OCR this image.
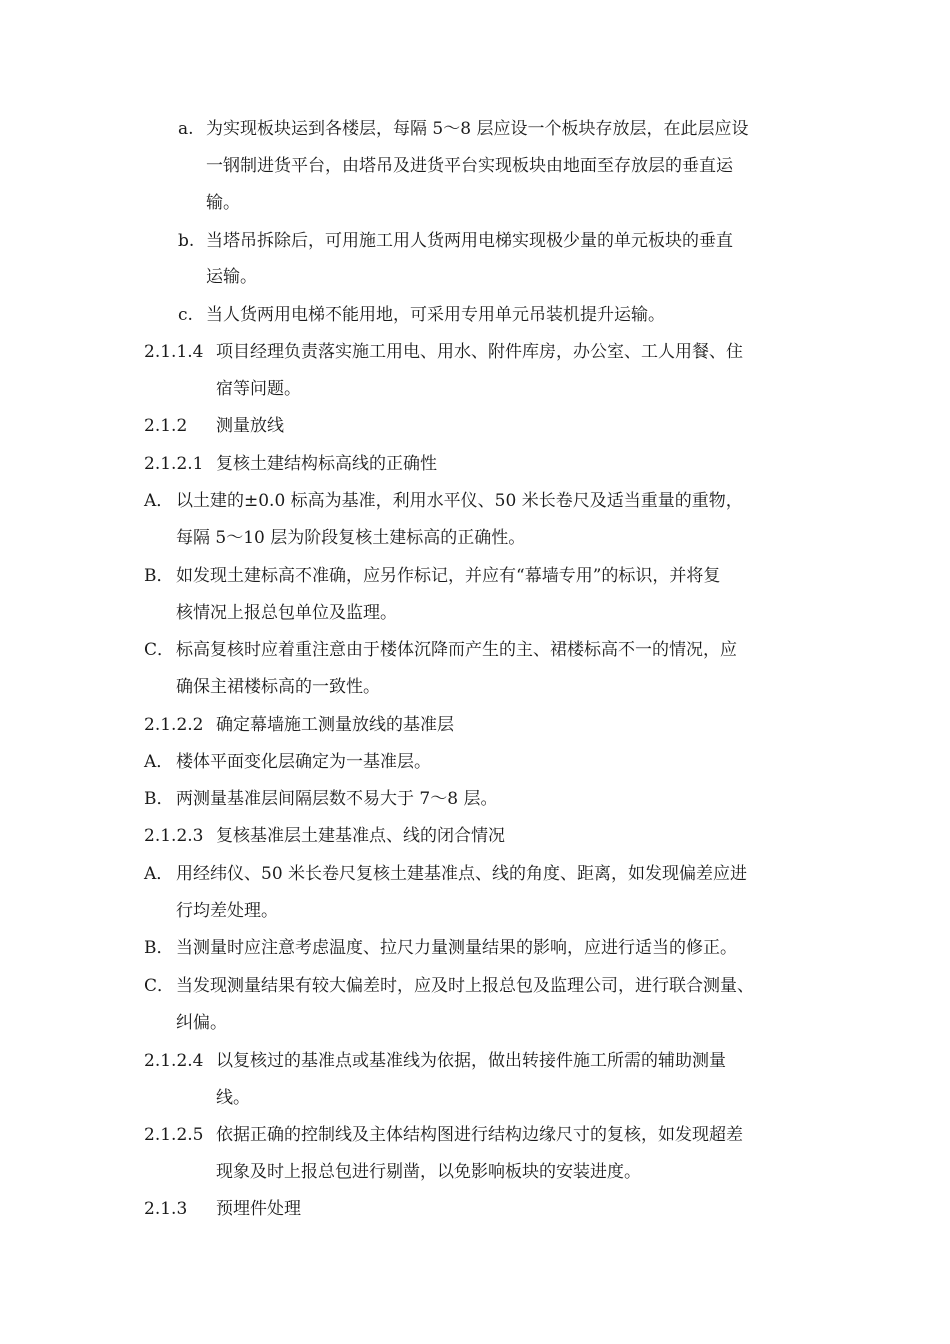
a. 为实现板块运到各楼层，每隔 5～8 层应设一个板块存放层，在此层应设
一钢制进货平台，由塔吊及进货平台实现板块由地面至存放层的垂直运
输。
b. 当塔吊拆除后，可用施工用人货两用电梯实现极少量的单元板块的垂直
运输。
c. 当人货两用电梯不能用地，可采用专用单元吊装机提升运输。
2.1.1.4 项目经理负责落实施工用电、用水、附件库房，办公室、工人用餐、住
宿等问题。
2.1.2 测量放线
2.1.2.1 复核土建结构标高线的正确性
A． 以土建的±0.0 标高为基准，利用水平仪、50 米长卷尺及适当重量的重物，
每隔 5～10 层为阶段复核土建标高的正确性。
B． 如发现土建标高不准确，应另作标记，并应有“幕墙专用”的标识，并将复
核情况上报总包单位及监理。
C． 标高复核时应着重注意由于楼体沉降而产生的主、裙楼标高不一的情况，应
确保主裙楼标高的一致性。
2.1.2.2 确定幕墙施工测量放线的基准层
A． 楼体平面变化层确定为一基准层。
B． 两测量基准层间隔层数不易大于 7～8 层。
2.1.2.3 复核基准层土建基准点、线的闭合情况
A． 用经纬仪、50 米长卷尺复核土建基准点、线的角度、距离，如发现偏差应进
行均差处理。
B． 当测量时应注意考虑温度、拉尺力量测量结果的影响，应进行适当的修正。
C． 当发现测量结果有较大偏差时，应及时上报总包及监理公司，进行联合测量、
纠偏。
2.1.2.4 以复核过的基准点或基准线为依据，做出转接件施工所需的辅助测量
线。
2.1.2.5 依据正确的控制线及主体结构图进行结构边缘尺寸的复核，如发现超差
现象及时上报总包进行剔凿，以免影响板块的安装进度。
2.1.3 预埋件处理
